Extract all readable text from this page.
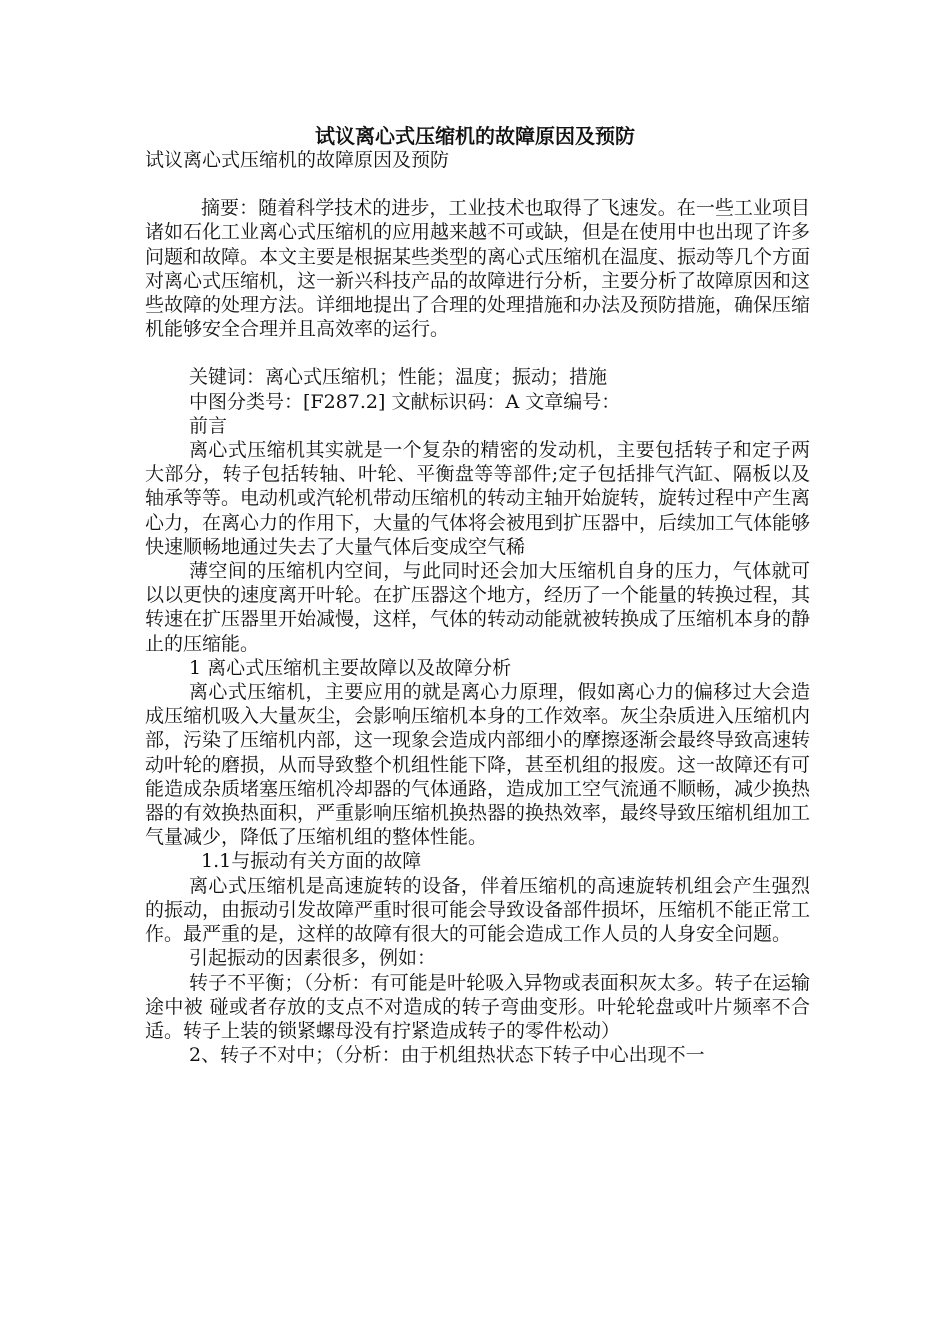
试议离心式压缩机的故障原因及预防

试议离心式压缩机的故障原因及预防

摘要：随着科学技术的进步，工业技术也取得了飞速发。在一些工业项目诸如石化工业离心式压缩机的应用越来越不可或缺，但是在使用中也出现了许多问题和故障。本文主要是根据某些类型的离心式压缩机在温度、振动等几个方面对离心式压缩机，这一新兴科技产品的故障进行分析，主要分析了故障原因和这些故障的处理方法。详细地提出了合理的处理措施和办法及预防措施，确保压缩机能够安全合理并且高效率的运行。

关键词：离心式压缩机；性能；温度；振动；措施

中图分类号：[F287.2] 文献标识码：A 文章编号：

前言

离心式压缩机其实就是一个复杂的精密的发动机，主要包括转子和定子两大部分，转子包括转轴、叶轮、平衡盘等等部件;定子包括排气汽缸、隔板以及轴承等等。电动机或汽轮机带动压缩机的转动主轴开始旋转，旋转过程中产生离心力，在离心力的作用下，大量的气体将会被甩到扩压器中，后续加工气体能够快速顺畅地通过失去了大量气体后变成空气稀

薄空间的压缩机内空间，与此同时还会加大压缩机自身的压力，气体就可以以更快的速度离开叶轮。在扩压器这个地方，经历了一个能量的转换过程，其转速在扩压器里开始减慢，这样，气体的转动动能就被转换成了压缩机本身的静止的压缩能。

1 离心式压缩机主要故障以及故障分析

离心式压缩机，主要应用的就是离心力原理，假如离心力的偏移过大会造成压缩机吸入大量灰尘，会影响压缩机本身的工作效率。灰尘杂质进入压缩机内部，污染了压缩机内部，这一现象会造成内部细小的摩擦逐渐会最终导致高速转动叶轮的磨损，从而导致整个机组性能下降，甚至机组的报废。这一故障还有可能造成杂质堵塞压缩机冷却器的气体通路，造成加工空气流通不顺畅，减少换热器的有效换热面积，严重影响压缩机换热器的换热效率，最终导致压缩机组加工气量减少，降低了压缩机组的整体性能。

1.1与振动有关方面的故障

离心式压缩机是高速旋转的设备，伴着压缩机的高速旋转机组会产生强烈的振动，由振动引发故障严重时很可能会导致设备部件损坏，压缩机不能正常工作。最严重的是，这样的故障有很大的可能会造成工作人员的人身安全问题。

引起振动的因素很多，例如：

转子不平衡；（分析：有可能是叶轮吸入异物或表面积灰太多。转子在运输途中被 碰或者存放的支点不对造成的转子弯曲变形。叶轮轮盘或叶片频率不合适。转子上装的锁紧螺母没有拧紧造成转子的零件松动）

2、转子不对中；（分析：由于机组热状态下转子中心出现不一
